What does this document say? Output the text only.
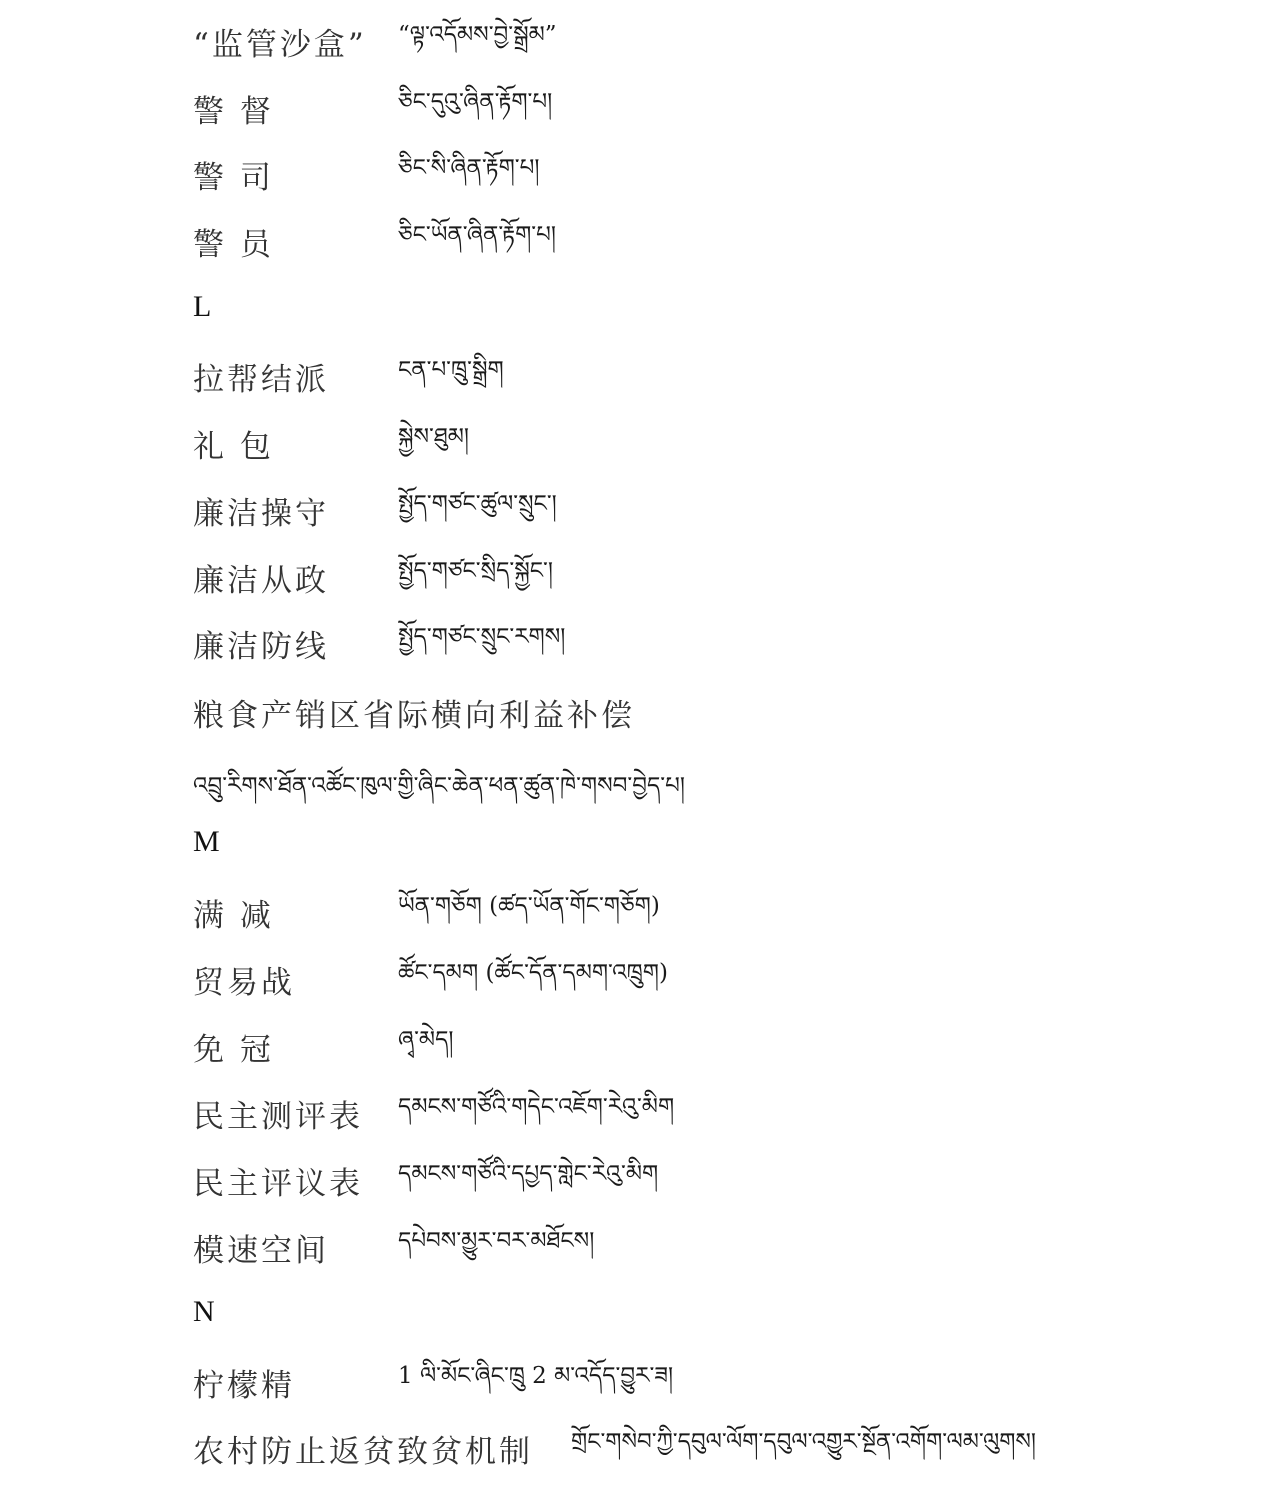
“监管沙盒” “ལྟ་འདོམས་བྱེ་སྒྲོམ”
警 督	ཅིང་དུའུ་ཞིན་རྟོག་པ།
警 司	ཅིང་སི་ཞིན་རྟོག་པ།
警 员	ཅིང་ཡོན་ཞིན་རྟོག་པ།
L
拉帮结派	ངན་པ་ཁྲུ་སྒྲིག
礼 包	སྐྱེས་ཐུམ།
廉洁操守	སྤྱོད་གཙང་ཚུལ་སྲུང་།
廉洁从政	སྤྱོད་གཙང་སྲིད་སྐྱོང་།
廉洁防线	སྤྱོད་གཙང་སྲུང་རགས།
粮食产销区省际横向利益补偿
འབྲུ་རིགས་ཐོན་འཚོང་ཁུལ་གྱི་ཞིང་ཆེན་ཕན་ཚུན་ཁེ་གསབ་བྱེད་པ།
M
满 减	ཡོན་གཅོག (ཚད་ཡོན་གོང་གཅོག)
贸易战	ཚོང་དམག (ཚོང་དོན་དམག་འཁྲུག)
免 冠	ཞྭ་མེད།
民主测评表 དམངས་གཙོའི་གདེང་འཇོག་རེའུ་མིག
民主评议表 དམངས་གཙོའི་དཔྱད་གླེང་རེའུ་མིག
模速空间	དཔེབས་མྱུར་བར་མཐོངས།
N
柠檬精	1 ལི་མོང་ཞིང་ཁྲུ 2 མ་འདོད་བྱུར་ཟ།
农村防止返贫致贫机制 གྲོང་གསེབ་ཀྱི་དབུལ་ལོག་དབུལ་འགྱུར་སྔོན་འགོག་ལམ་ལུགས།
